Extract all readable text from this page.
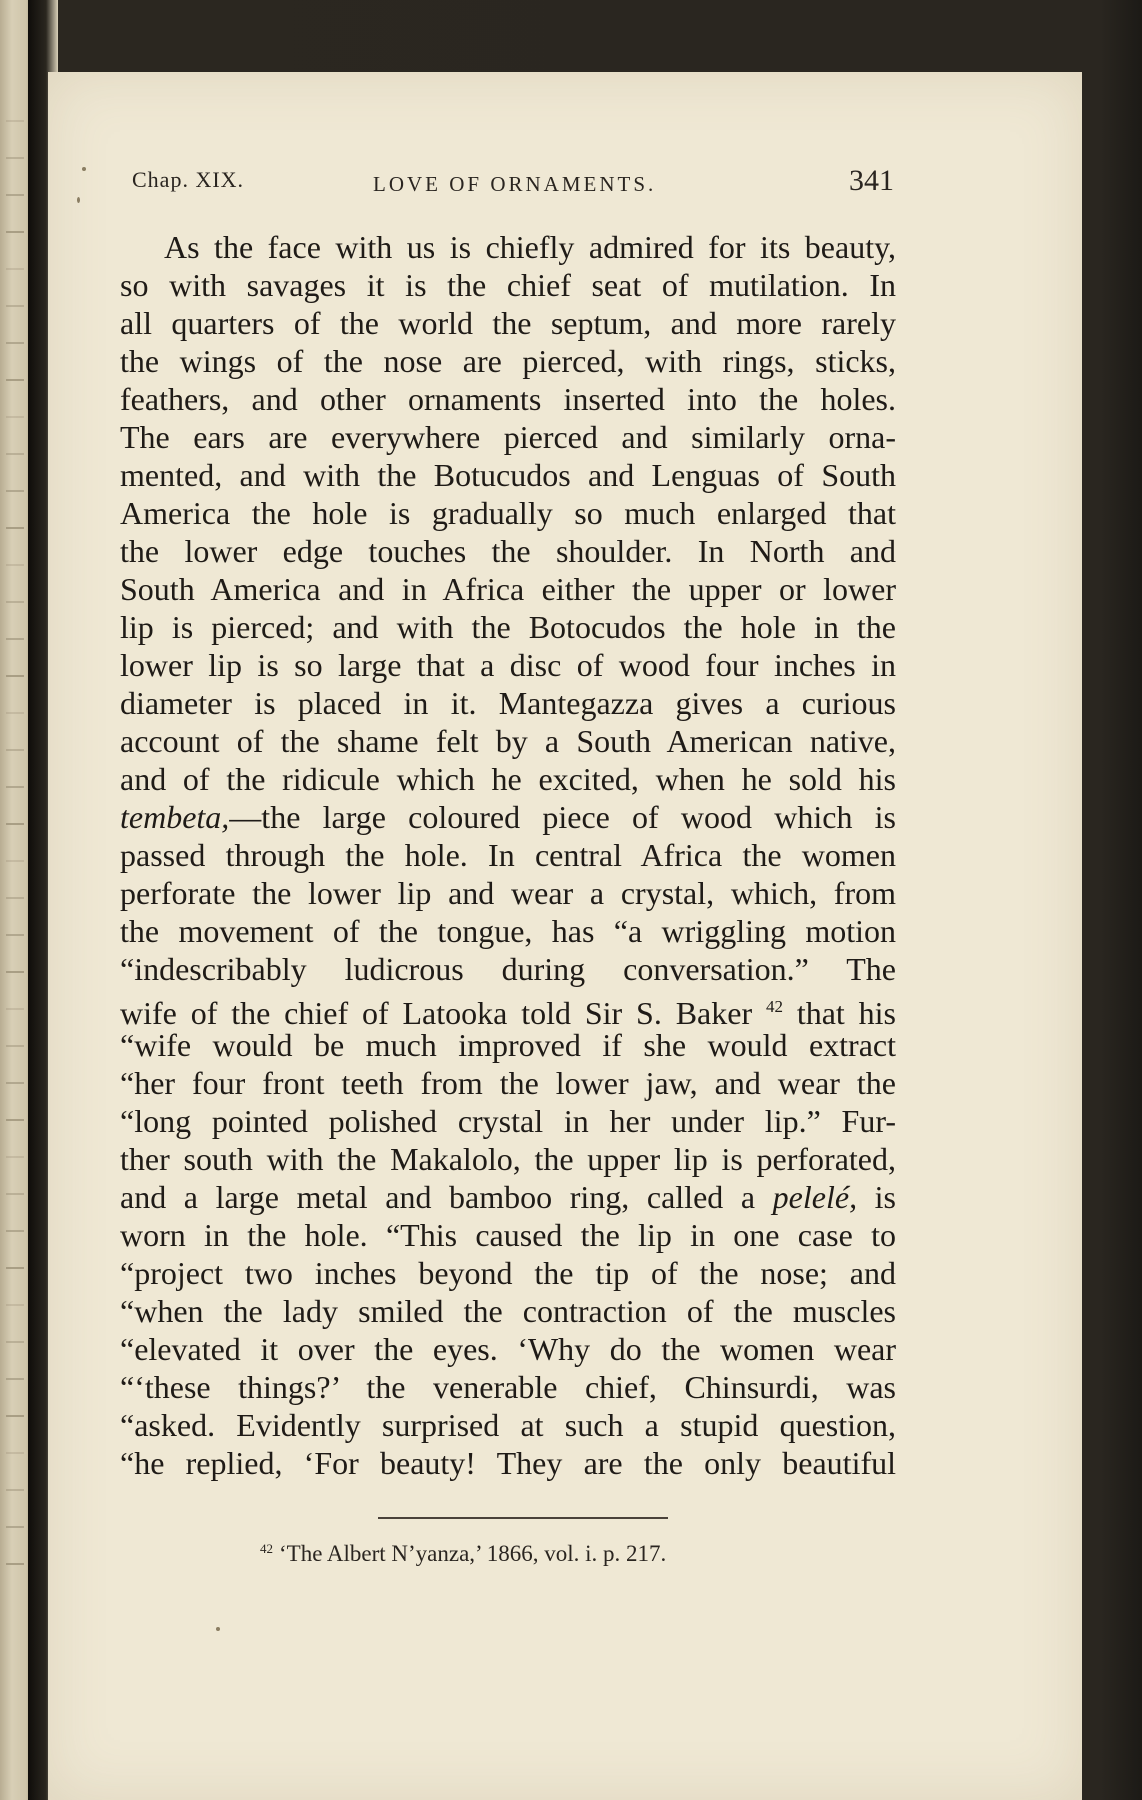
Chap. XIX.	LOVE OF ORNAMENTS.	341
As the face with us is chiefly admired for its beauty,
so with savages it is the chief seat of mutilation. In
all quarters of the world the septum, and more rarely
the wings of the nose are pierced, with rings, sticks,
feathers, and other ornaments inserted into the holes.
The ears are everywhere pierced and similarly orna-
mented, and with the Botucudos and Lenguas of South
America the hole is gradually so much enlarged that
the lower edge touches the shoulder. In North and
South America and in Africa either the upper or lower
lip is pierced; and with the Botocudos the hole in the
lower lip is so large that a disc of wood four inches in
diameter is placed in it. Mantegazza gives a curious
account of the shame felt by a South American native,
and of the ridicule which he excited, when he sold his
tembeta,—the large coloured piece of wood which is
passed through the hole. In central Africa the women
perforate the lower lip and wear a crystal, which, from
the movement of the tongue, has “a wriggling motion
“indescribably ludicrous during conversation.” The
wife of the chief of Latooka told Sir S. Baker $^{42}$ that his
“wife would be much improved if she would extract
“her four front teeth from the lower jaw, and wear the
“long pointed polished crystal in her under lip.” Fur-
ther south with the Makalolo, the upper lip is perforated,
and a large metal and bamboo ring, called a pelelé, is
worn in the hole. “This caused the lip in one case to
“project two inches beyond the tip of the nose; and
“when the lady smiled the contraction of the muscles
“elevated it over the eyes. ‘Why do the women wear
“‘these things?’ the venerable chief, Chinsurdi, was
“asked. Evidently surprised at such a stupid question,
“he replied, ‘For beauty! They are the only beautiful
$^{42}$ ‘The Albert N’yanza,’ 1866, vol. i. p. 217.
